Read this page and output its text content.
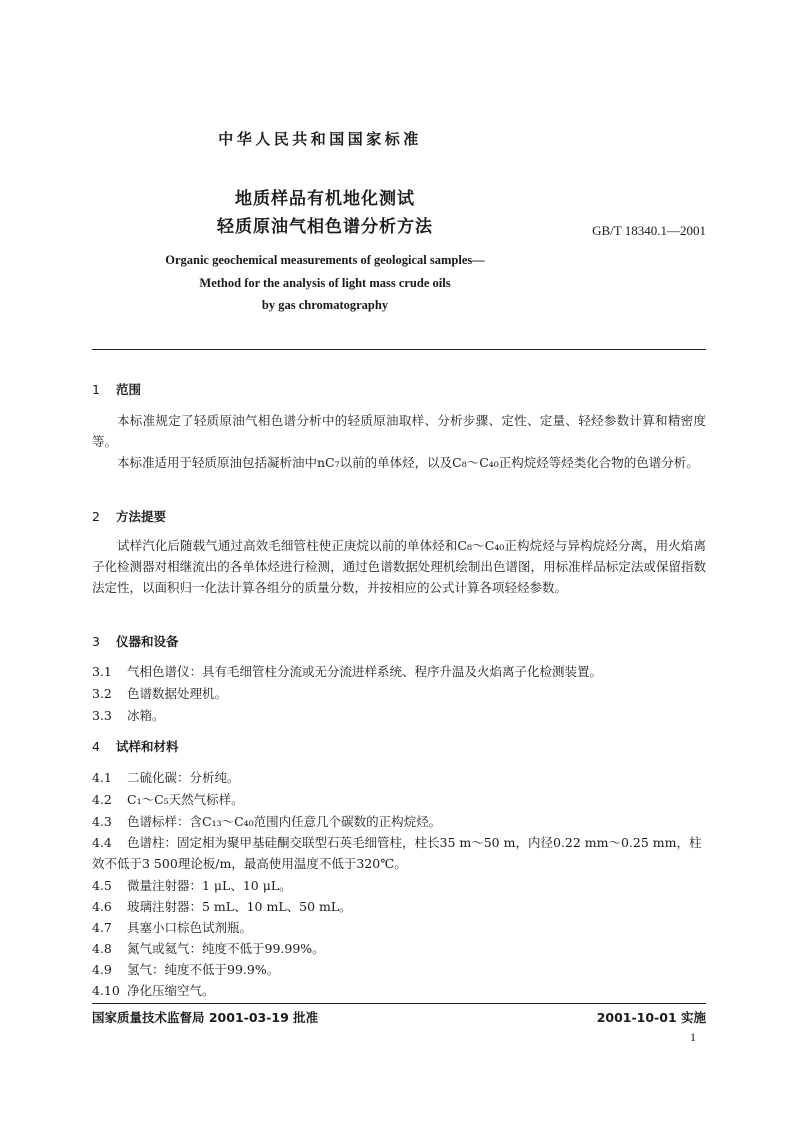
中华人民共和国国家标准
地质样品有机地化测试
轻质原油气相色谱分析方法	GB/T 18340.1—2001
Organic geochemical measurements of geological samples—
Method for the analysis of light mass crude oils
by gas chromatography
1 范围
本标准规定了轻质原油气相色谱分析中的轻质原油取样、分析步骤、定性、定量、轻烃参数计算和精密度等。
本标准适用于轻质原油包括凝析油中nC₇以前的单体烃，以及C₈～C₄₀正构烷烃等烃类化合物的色谱分析。
2 方法提要
试样汽化后随载气通过高效毛细管柱使正庚烷以前的单体烃和C₈～C₄₀正构烷烃与异构烷烃分离，用火焰离子化检测器对相继流出的各单体烃进行检测，通过色谱数据处理机绘制出色谱图，用标准样品标定法或保留指数法定性，以面积归一化法计算各组分的质量分数，并按相应的公式计算各项轻烃参数。
3 仪器和设备
3.1 气相色谱仪：具有毛细管柱分流或无分流进样系统、程序升温及火焰离子化检测装置。
3.2 色谱数据处理机。
3.3 冰箱。
4 试样和材料
4.1 二硫化碳：分析纯。
4.2 C₁～C₅天然气标样。
4.3 色谱标样：含C₁₃～C₄₀范围内任意几个碳数的正构烷烃。
4.4 色谱柱：固定相为聚甲基硅酮交联型石英毛细管柱，柱长35 m～50 m，内径0.22 mm～0.25 mm，柱效不低于3 500理论板/m，最高使用温度不低于320℃。
4.5 微量注射器：1 μL、10 μL。
4.6 玻璃注射器：5 mL、10 mL、50 mL。
4.7 具塞小口棕色试剂瓶。
4.8 氮气或氦气：纯度不低于99.99%。
4.9 氢气：纯度不低于99.9%。
4.10 净化压缩空气。
国家质量技术监督局 2001-03-19 批准	2001-10-01 实施
1
